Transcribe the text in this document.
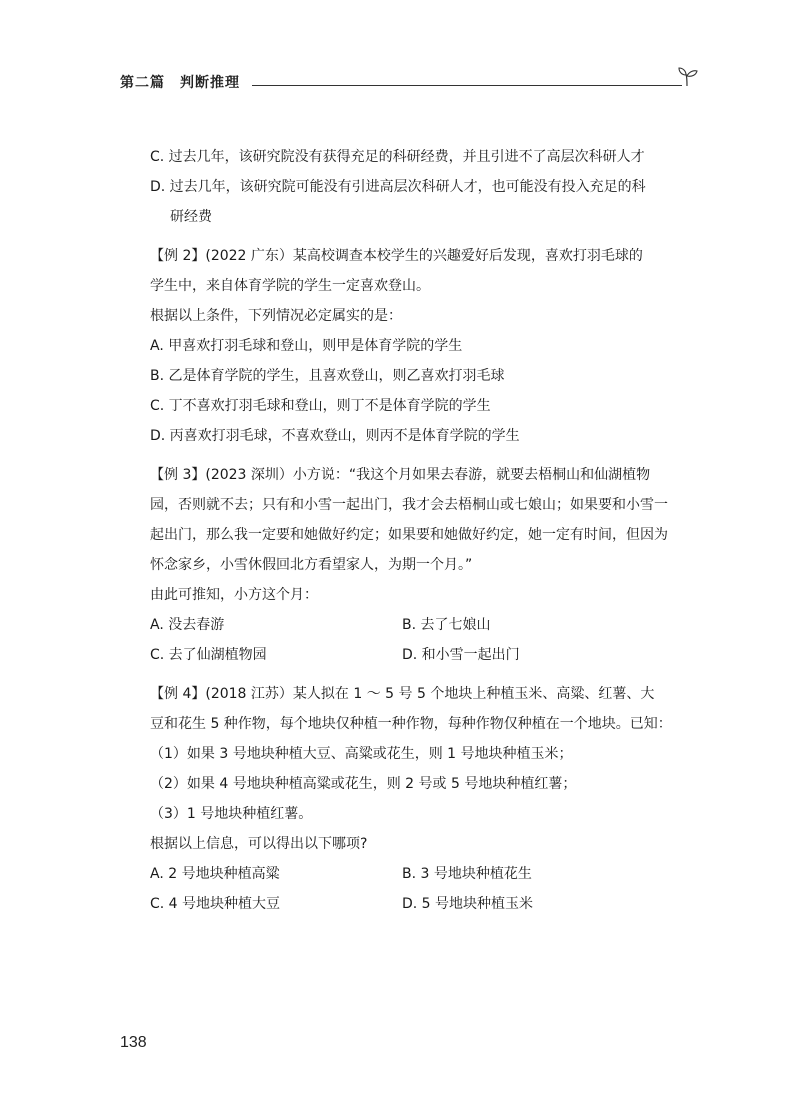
第二篇　判断推理
C. 过去几年，该研究院没有获得充足的科研经费，并且引进不了高层次科研人才
D. 过去几年，该研究院可能没有引进高层次科研人才，也可能没有投入充足的科
研经费
【例 2】(2022 广东）某高校调查本校学生的兴趣爱好后发现，喜欢打羽毛球的
学生中，来自体育学院的学生一定喜欢登山。
根据以上条件，下列情况必定属实的是：
A. 甲喜欢打羽毛球和登山，则甲是体育学院的学生
B. 乙是体育学院的学生，且喜欢登山，则乙喜欢打羽毛球
C. 丁不喜欢打羽毛球和登山，则丁不是体育学院的学生
D. 丙喜欢打羽毛球，不喜欢登山，则丙不是体育学院的学生
【例 3】(2023 深圳）小方说：“我这个月如果去春游，就要去梧桐山和仙湖植物
园，否则就不去；只有和小雪一起出门，我才会去梧桐山或七娘山；如果要和小雪一
起出门，那么我一定要和她做好约定；如果要和她做好约定，她一定有时间，但因为
怀念家乡，小雪休假回北方看望家人，为期一个月。”
由此可推知，小方这个月：
A. 没去春游	B. 去了七娘山
C. 去了仙湖植物园	D. 和小雪一起出门
【例 4】(2018 江苏）某人拟在 1 ～ 5 号 5 个地块上种植玉米、高粱、红薯、大
豆和花生 5 种作物，每个地块仅种植一种作物，每种作物仅种植在一个地块。已知：
（1）如果 3 号地块种植大豆、高粱或花生，则 1 号地块种植玉米；
（2）如果 4 号地块种植高粱或花生，则 2 号或 5 号地块种植红薯；
（3）1 号地块种植红薯。
根据以上信息，可以得出以下哪项?
A. 2 号地块种植高粱	B. 3 号地块种植花生
C. 4 号地块种植大豆	D. 5 号地块种植玉米
138
